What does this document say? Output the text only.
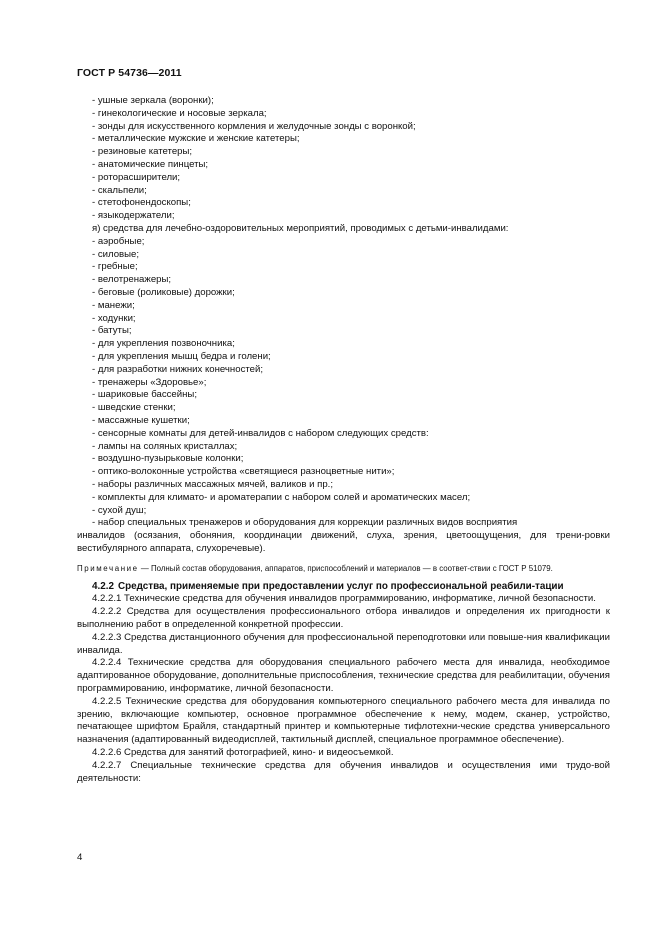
ГОСТ Р 54736—2011

- ушные зеркала (воронки);

- гинекологические и носовые зеркала;

- зонды для искусственного кормления и желудочные зонды с воронкой;

- металлические мужские и женские катетеры;

- резиновые катетеры;

- анатомические пинцеты;

- роторасширители;

- скальпели;

- стетофонендоскопы;

- языкодержатели;

я) средства для лечебно-оздоровительных мероприятий, проводимых с детьми-инвалидами:

- аэробные;

- силовые;

- гребные;

- велотренажеры;

- беговые (роликовые) дорожки;

- манежи;

- ходунки;

- батуты;

- для укрепления позвоночника;

- для укрепления мышц бедра и голени;

- для разработки нижних конечностей;

- тренажеры «Здоровье»;

- шариковые бассейны;

- шведские стенки;

- массажные кушетки;

- сенсорные комнаты для детей-инвалидов с набором следующих средств:

- лампы на соляных кристаллах;

- воздушно-пузырьковые колонки;

- оптико-волоконные устройства «светящиеся разноцветные нити»;

- наборы различных массажных мячей, валиков и пр.;

- комплекты для климато- и ароматерапии с набором солей и ароматических масел;

- сухой душ;

- набор специальных тренажеров и оборудования для коррекции различных видов восприятия

инвалидов (осязания, обоняния, координации движений, слуха, зрения, цветоощущения, для трени-ровки вестибулярного аппарата, слухоречевые).

Примечание — Полный состав оборудования, аппаратов, приспособлений и материалов — в соответ-ствии с ГОСТ Р 51079.

4.2.2 Средства, применяемые при предоставлении услуг по профессиональной реабили-тации

4.2.2.1 Технические средства для обучения инвалидов программированию, информатике, личной безопасности.

4.2.2.2 Средства для осуществления профессионального отбора инвалидов и определения их пригодности к выполнению работ в определенной конкретной профессии.

4.2.2.3 Средства дистанционного обучения для профессиональной переподготовки или повыше-ния квалификации инвалида.

4.2.2.4 Технические средства для оборудования специального рабочего места для инвалида, необходимое адаптированное оборудование, дополнительные приспособления, технические средства для реабилитации, обучения программированию, информатике, личной безопасности.

4.2.2.5 Технические средства для оборудования компьютерного специального рабочего места для инвалида по зрению, включающие компьютер, основное программное обеспечение к нему, модем, сканер, устройство, печатающее шрифтом Брайля, стандартный принтер и компьютерные тифлотехни-ческие средства универсального назначения (адаптированный видеодисплей, тактильный дисплей, специальное программное обеспечение).

4.2.2.6 Средства для занятий фотографией, кино- и видеосъемкой.

4.2.2.7 Специальные технические средства для обучения инвалидов и осуществления ими трудо-вой деятельности:

4
